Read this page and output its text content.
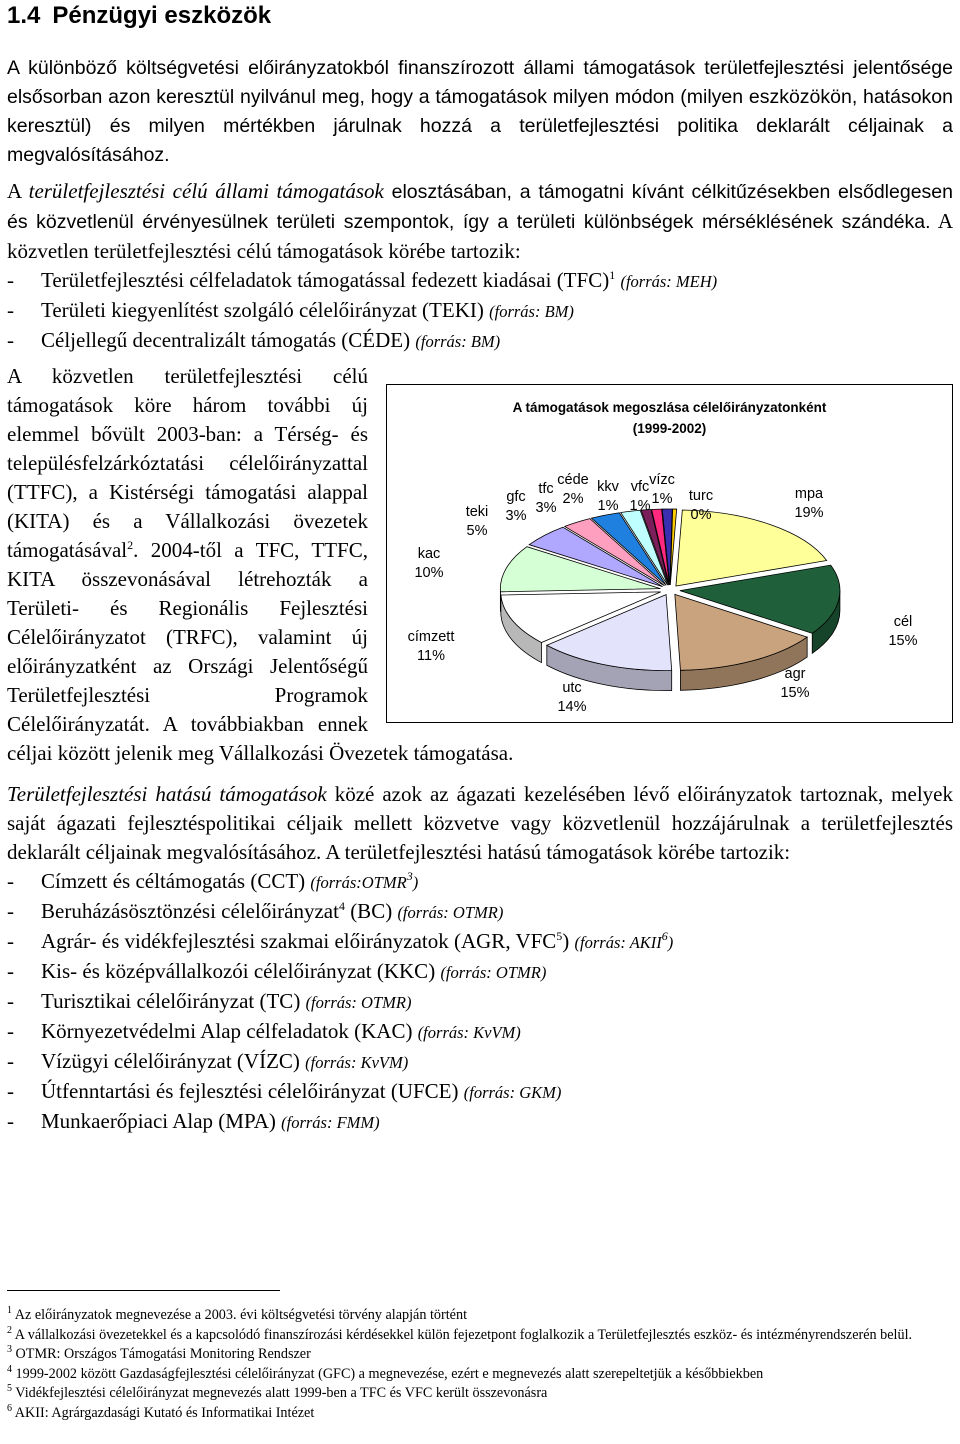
1.4 Pénzügyi eszközök

A különböző költségvetési előirányzatokból finanszírozott állami támogatások területfejlesztési jelentősége elsősorban azon keresztül nyilvánul meg, hogy a támogatások milyen módon (milyen eszközökön, hatásokon keresztül) és milyen mértékben járulnak hozzá a területfejlesztési politika deklarált céljainak a megvalósításához.

A területfejlesztési célú állami támogatások elosztásában, a támogatni kívánt célkitűzésekben elsődlegesen és közvetlenül érvényesülnek területi szempontok, így a területi különbségek mérséklésének szándéka. A közvetlen területfejlesztési célú támogatások körébe tartozik:

- Területfejlesztési célfeladatok támogatással fedezett kiadásai (TFC)$^1$ (forrás: MEH)
- Területi kiegyenlítést szolgáló célelőirányzat (TEKI) (forrás: BM)
- Céljellegű decentralizált támogatás (CÉDE) (forrás: BM)
A támogatások megoszlása célelőirányzatonként
(1999-2002)
mpa
19%
cél
15%
agr
15%
utc
14%
címzett
11%
kac
10%
teki
5%
gfc
3%
tfc
3%
céde
2%
kkv
1%
vfc
1%
vízc
1%	turc
0%

A közvetlen területfejlesztési célú támogatások köre három további új elemmel bővült 2003-ban: a Térség- és településfelzárkóztatási célelőirányzattal (TTFC), a Kistérségi támogatási alappal (KITA) és a Vállalkozási övezetek támogatásával$^2$. 2004-től a TFC, TTFC, KITA összevonásával létrehozták a Területi- és Regionális Fejlesztési Célelőirányzatot (TRFC), valamint új előirányzatként az Országi Jelentőségű Területfejlesztési Programok Célelőirányzatát. A továbbiakban ennek céljai között jelenik meg Vállalkozási Övezetek támogatása.

Területfejlesztési hatású támogatások közé azok az ágazati kezelésében lévő előirányzatok tartoznak, melyek saját ágazati fejlesztéspolitikai céljaik mellett közvetve vagy közvetlenül hozzájárulnak a területfejlesztés deklarált céljainak megvalósításához. A területfejlesztési hatású támogatások körébe tartozik:

- Címzett és céltámogatás (CCT) (forrás:OTMR$^3$)
- Beruházásösztönzési célelőirányzat$^4$ (BC) (forrás: OTMR)
- Agrár- és vidékfejlesztési szakmai előirányzatok (AGR, VFC$^5$) (forrás: AKII$^6$)
- Kis- és középvállalkozói célelőirányzat (KKC) (forrás: OTMR)
- Turisztikai célelőirányzat (TC) (forrás: OTMR)
- Környezetvédelmi Alap célfeladatok (KAC) (forrás: KvVM)
- Vízügyi célelőirányzat (VÍZC) (forrás: KvVM)
- Útfenntartási és fejlesztési célelőirányzat (UFCE) (forrás: GKM)
- Munkaerőpiaci Alap (MPA) (forrás: FMM)

$^1$ Az előirányzatok megnevezése a 2003. évi költségvetési törvény alapján történt

$^2$ A vállalkozási övezetekkel és a kapcsolódó finanszírozási kérdésekkel külön fejezetpont foglalkozik a Területfejlesztés eszköz- és intézményrendszerén belül.

$^3$ OTMR: Országos Támogatási Monitoring Rendszer

$^4$ 1999-2002 között Gazdaságfejlesztési célelőirányzat (GFC) a megnevezése, ezért e megnevezés alatt szerepeltetjük a későbbiekben

$^5$ Vidékfejlesztési célelőirányzat megnevezés alatt 1999-ben a TFC és VFC került összevonásra

$^6$ AKII: Agrárgazdasági Kutató és Informatikai Intézet
